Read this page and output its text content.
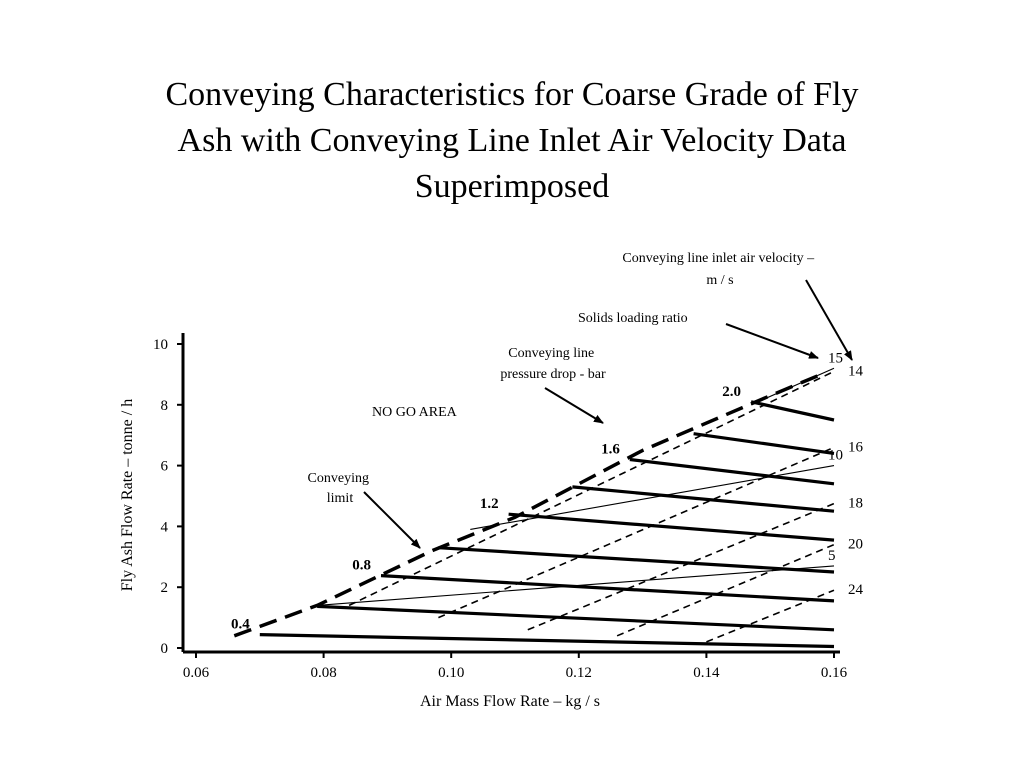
Conveying Characteristics for Coarse Grade of Fly
Ash with Conveying Line Inlet Air Velocity Data
Superimposed
Fly Ash Flow Rate – tonne / h
Air Mass Flow Rate – kg / s
0.06	0.08	0.10	0.12	0.14	0.16
0
2
4
6
8
10
14
16
18
20
24
15
10
5
0.4
0.8
1.2
1.6
2.0
NO GO AREA
Conveying limit
Conveying line pressure drop - bar
Solids loading ratio
Conveying line inlet air velocity – m / s
